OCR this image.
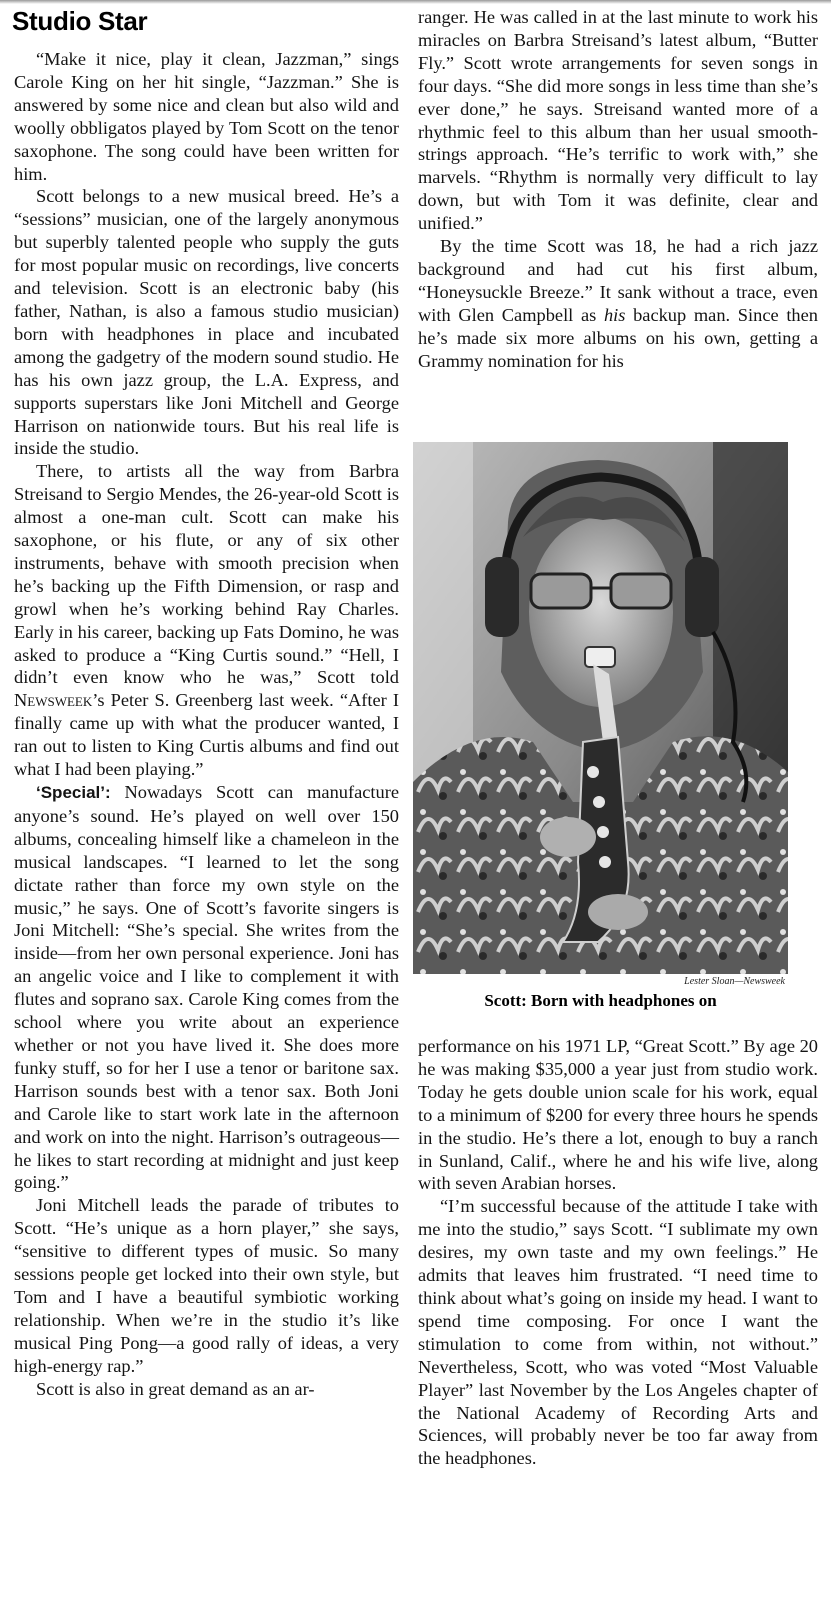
Studio Star

“Make it nice, play it clean, Jazzman,” sings Carole King on her hit single, “Jazzman.” She is answered by some nice and clean but also wild and woolly obbligatos played by Tom Scott on the tenor saxophone. The song could have been written for him.

Scott belongs to a new musical breed. He’s a “sessions” musician, one of the largely anonymous but superbly talented people who supply the guts for most popular music on recordings, live concerts and television. Scott is an electronic baby (his father, Nathan, is also a famous studio musician) born with headphones in place and incubated among the gadgetry of the modern sound studio. He has his own jazz group, the L.A. Express, and supports superstars like Joni Mitchell and George Harrison on nationwide tours. But his real life is inside the studio.

There, to artists all the way from Barbra Streisand to Sergio Mendes, the 26-year-old Scott is almost a one-man cult. Scott can make his saxophone, or his flute, or any of six other instruments, behave with smooth precision when he’s backing up the Fifth Dimension, or rasp and growl when he’s working behind Ray Charles. Early in his career, backing up Fats Domino, he was asked to produce a “King Curtis sound.” “Hell, I didn’t even know who he was,” Scott told Newsweek’s Peter S. Greenberg last week. “After I finally came up with what the producer wanted, I ran out to listen to King Curtis albums and find out what I had been playing.”

‘Special’: Nowadays Scott can manufacture anyone’s sound. He’s played on well over 150 albums, concealing himself like a chameleon in the musical landscapes. “I learned to let the song dictate rather than force my own style on the music,” he says. One of Scott’s favorite singers is Joni Mitchell: “She’s special. She writes from the inside—from her own personal experience. Joni has an angelic voice and I like to complement it with flutes and soprano sax. Carole King comes from the school where you write about an experience whether or not you have lived it. She does more funky stuff, so for her I use a tenor or baritone sax. Harrison sounds best with a tenor sax. Both Joni and Carole like to start work late in the afternoon and work on into the night. Harrison’s outrageous—he likes to start recording at midnight and just keep going.”

Joni Mitchell leads the parade of tributes to Scott. “He’s unique as a horn player,” she says, “sensitive to different types of music. So many sessions people get locked into their own style, but Tom and I have a beautiful symbiotic working relationship. When we’re in the studio it’s like musical Ping Pong—a good rally of ideas, a very high-energy rap.”

Scott is also in great demand as an ar-

ranger. He was called in at the last minute to work his miracles on Barbra Streisand’s latest album, “Butter Fly.” Scott wrote arrangements for seven songs in four days. “She did more songs in less time than she’s ever done,” he says. Streisand wanted more of a rhythmic feel to this album than her usual smooth-strings approach. “He’s terrific to work with,” she marvels. “Rhythm is normally very difficult to lay down, but with Tom it was definite, clear and unified.”

By the time Scott was 18, he had a rich jazz background and had cut his first album, “Honeysuckle Breeze.” It sank without a trace, even with Glen Campbell as his backup man. Since then he’s made six more albums on his own, getting a Grammy nomination for his

Lester Sloan—Newsweek
Scott: Born with headphones on

performance on his 1971 LP, “Great Scott.” By age 20 he was making $35,000 a year just from studio work. Today he gets double union scale for his work, equal to a minimum of $200 for every three hours he spends in the studio. He’s there a lot, enough to buy a ranch in Sunland, Calif., where he and his wife live, along with seven Arabian horses.

“I’m successful because of the attitude I take with me into the studio,” says Scott. “I sublimate my own desires, my own taste and my own feelings.” He admits that leaves him frustrated. “I need time to think about what’s going on inside my head. I want to spend time composing. For once I want the stimulation to come from within, not without.” Nevertheless, Scott, who was voted “Most Valuable Player” last November by the Los Angeles chapter of the National Academy of Recording Arts and Sciences, will probably never be too far away from the headphones.
